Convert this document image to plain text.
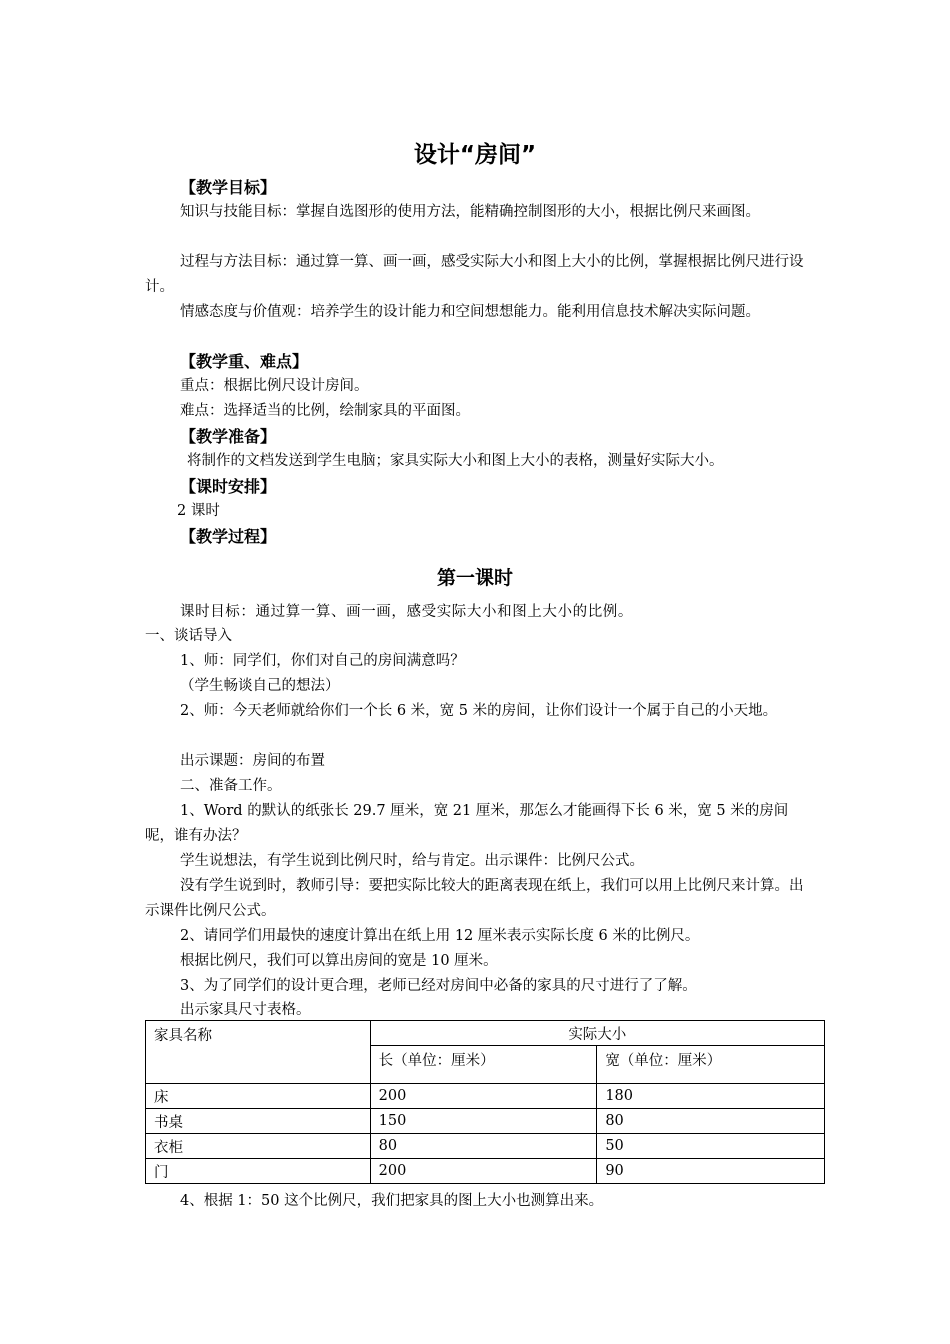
设计“房间”
【教学目标】
知识与技能目标：掌握自选图形的使用方法，能精确控制图形的大小，根据比例尺来画图。
过程与方法目标：通过算一算、画一画，感受实际大小和图上大小的比例，掌握根据比例尺进行设计。
情感态度与价值观：培养学生的设计能力和空间想想能力。能利用信息技术解决实际问题。
【教学重、难点】
重点：根据比例尺设计房间。
难点：选择适当的比例，绘制家具的平面图。
【教学准备】
将制作的文档发送到学生电脑；家具实际大小和图上大小的表格，测量好实际大小。
【课时安排】
2 课时
【教学过程】
第一课时
课时目标：通过算一算、画一画，感受实际大小和图上大小的比例。
一、谈话导入
1、师：同学们，你们对自己的房间满意吗？
（学生畅谈自己的想法）
2、师：今天老师就给你们一个长 6 米，宽 5 米的房间，让你们设计一个属于自己的小天地。
出示课题：房间的布置
二、准备工作。
1、Word 的默认的纸张长 29.7 厘米，宽 21 厘米，那怎么才能画得下长 6 米，宽 5 米的房间呢，谁有办法？
学生说想法，有学生说到比例尺时，给与肯定。出示课件：比例尺公式。
没有学生说到时，教师引导：要把实际比较大的距离表现在纸上，我们可以用上比例尺来计算。出示课件比例尺公式。
2、请同学们用最快的速度计算出在纸上用 12 厘米表示实际长度 6 米的比例尺。
根据比例尺，我们可以算出房间的宽是 10 厘米。
3、为了同学们的设计更合理，老师已经对房间中必备的家具的尺寸进行了了解。
出示家具尺寸表格。
家具名称	实际大小	
	长（单位：厘米）	宽（单位：厘米）
床	200	180
书桌	150	80
衣柜	80	50
门	200	90
4、根据 1：50 这个比例尺，我们把家具的图上大小也测算出来。
